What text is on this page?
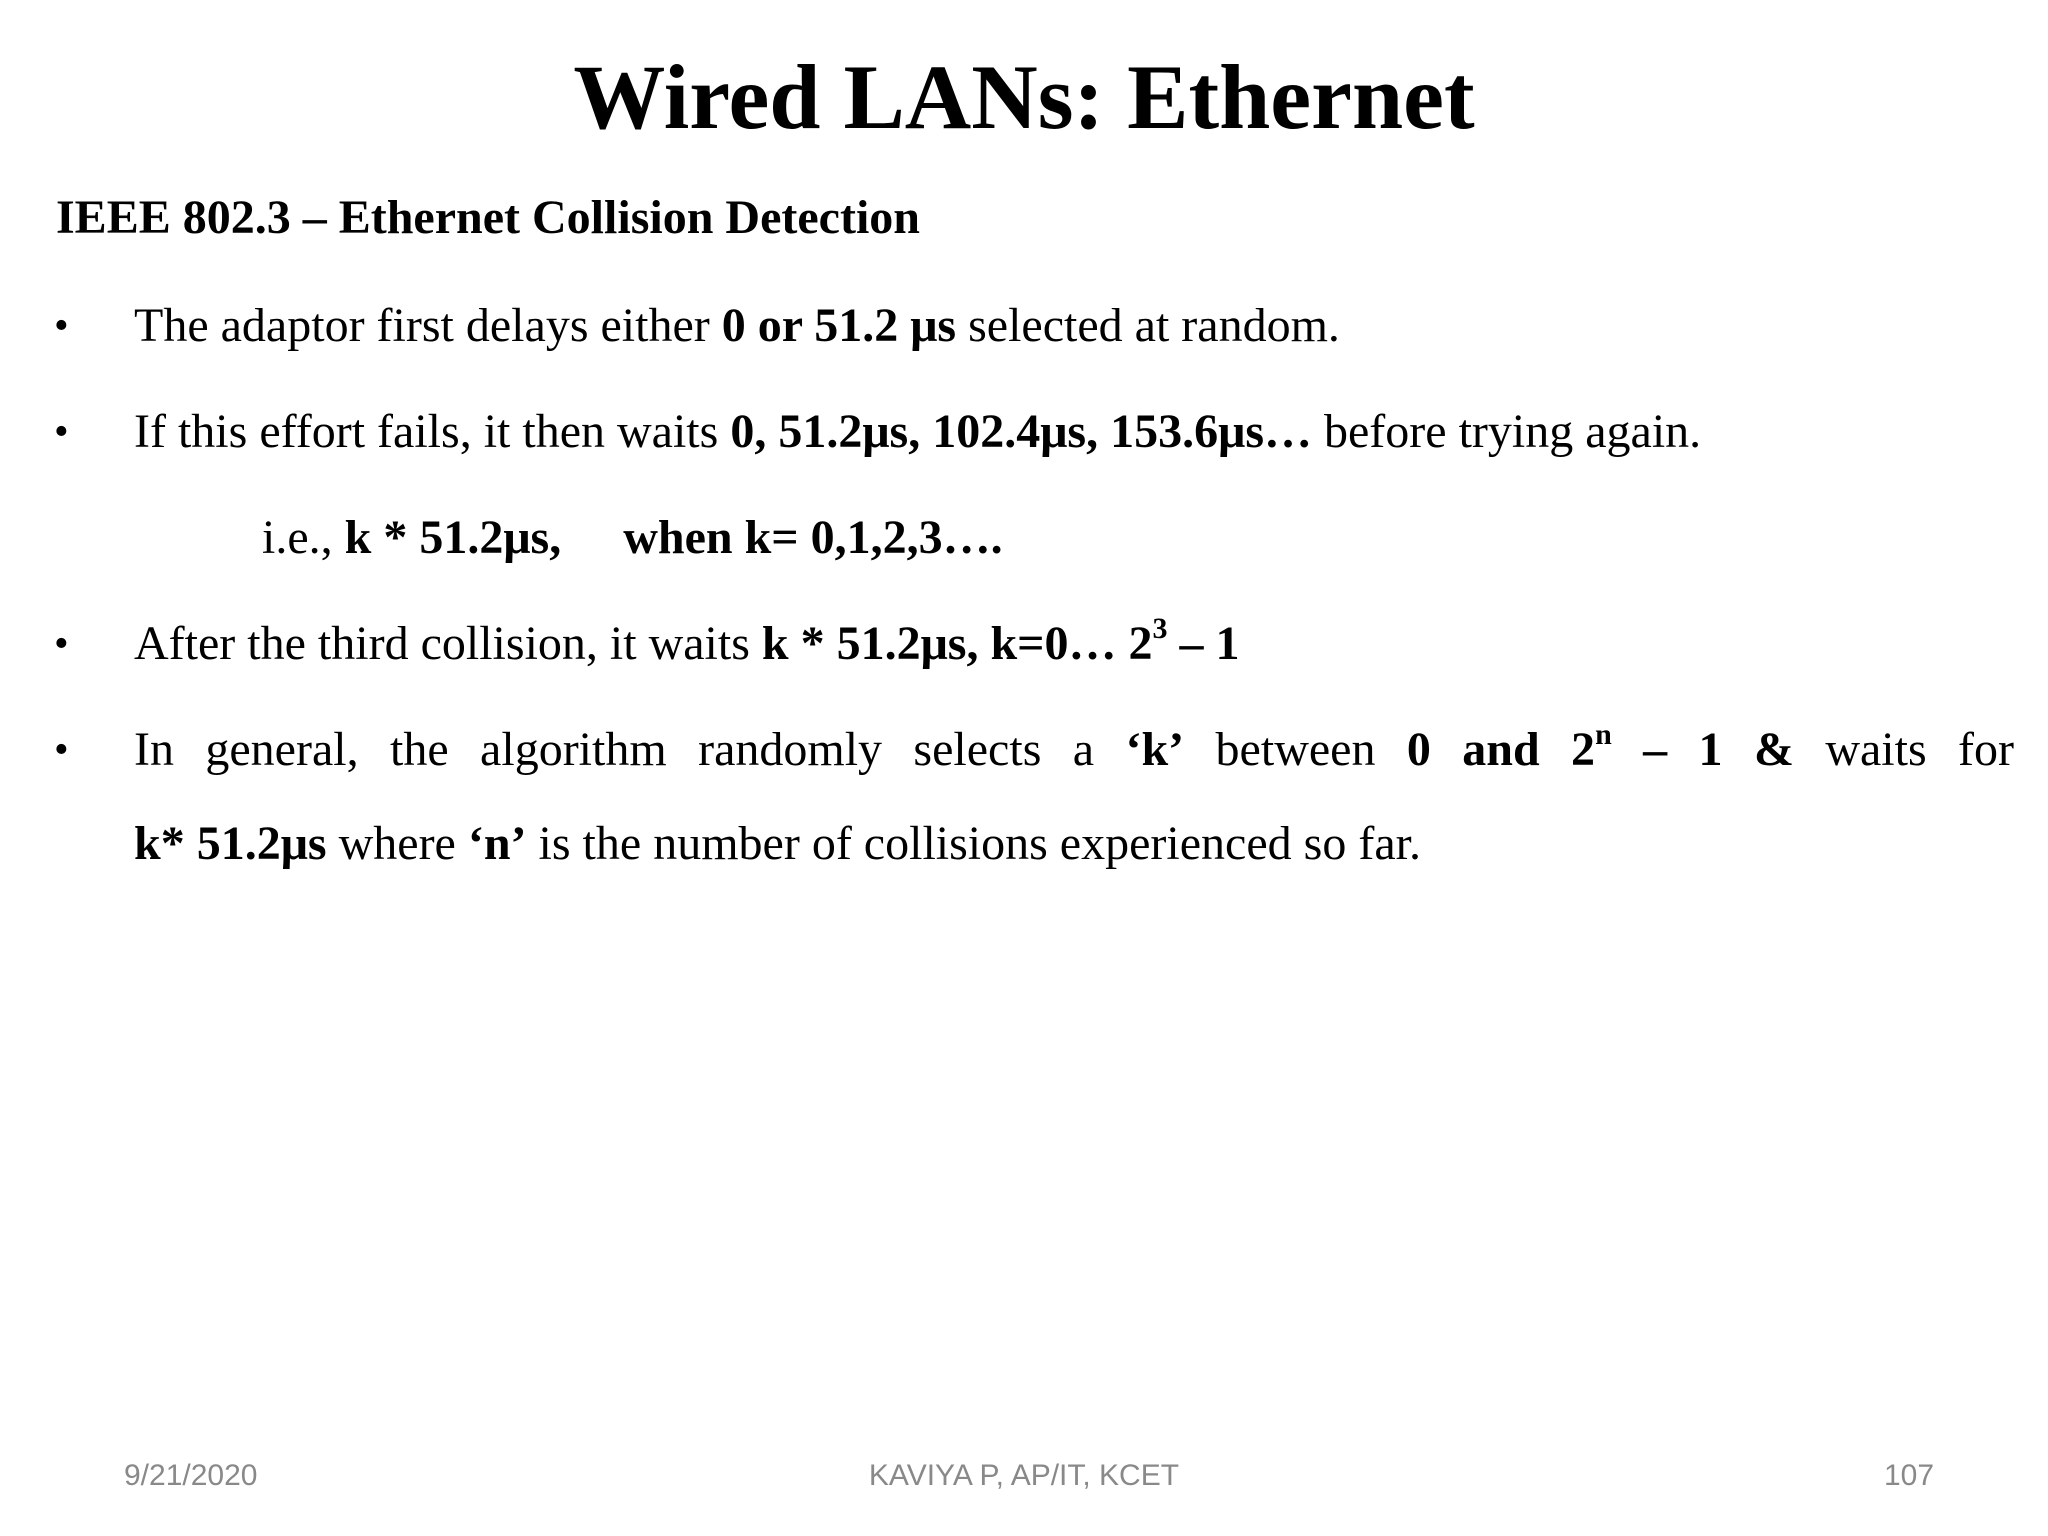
Wired LANs: Ethernet
IEEE 802.3 – Ethernet Collision Detection
• The adaptor first delays either 0 or 51.2 μs selected at random.
• If this effort fails, it then waits 0, 51.2μs, 102.4μs, 153.6μs… before trying again.
i.e., k * 51.2μs, when k= 0,1,2,3….
• After the third collision, it waits k * 51.2μs, k=0… $2^3 - 1$
• In general, the algorithm randomly selects a ‘k’ between 0 and 2$^n$ – 1 & waits for
k* 51.2μs where ‘n’ is the number of collisions experienced so far.
9/21/2020	KAVIYA P, AP/IT, KCET	107
